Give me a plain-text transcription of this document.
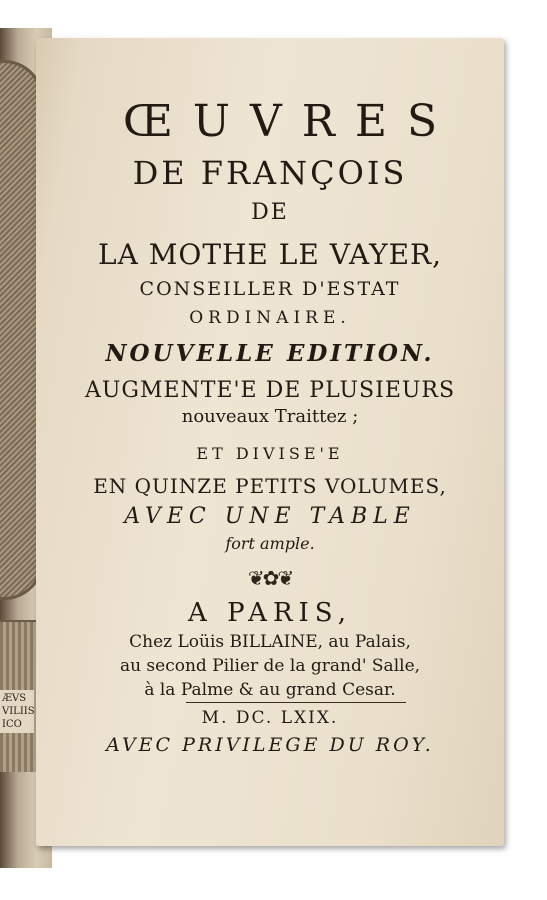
ÆVS VILIIS ICO
ŒUVRES
DE FRANÇOIS
DE
LA MOTHE LE VAYER,
CONSEILLER D'ESTAT
ORDINAIRE.
NOUVELLE EDITION.
AUGMENTE'E DE PLUSIEURS
nouveaux Traittez ;
ET DIVISE'E
EN QUINZE PETITS VOLUMES,
AVEC UNE TABLE
fort ample.
❦✿❦
A PARIS,
Chez Loüis BILLAINE, au Palais,
au second Pilier de la grand' Salle,
à la Palme & au grand Cesar.
M. DC. LXIX.
AVEC PRIVILEGE DU ROY.
